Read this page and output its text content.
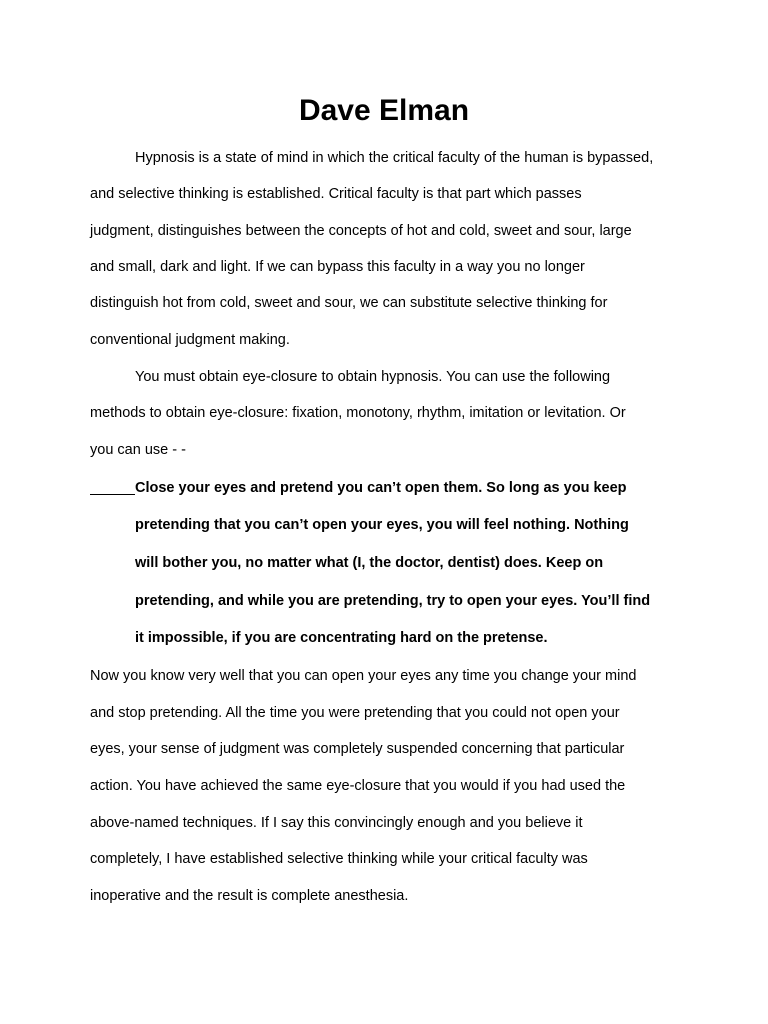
Dave Elman

Hypnosis is a state of mind in which the critical faculty of the human is bypassed,

and selective thinking is established. Critical faculty is that part which passes

judgment, distinguishes between the concepts of hot and cold, sweet and sour, large

and small, dark and light. If we can bypass this faculty in a way you no longer

distinguish hot from cold, sweet and sour, we can substitute selective thinking for

conventional judgment making.

You must obtain eye-closure to obtain hypnosis. You can use the following

methods to obtain eye-closure: fixation, monotony, rhythm, imitation or levitation. Or

you can use - -

Close your eyes and pretend you can’t open them. So long as you keep

pretending that you can’t open your eyes, you will feel nothing. Nothing

will bother you, no matter what (I, the doctor, dentist) does. Keep on

pretending, and while you are pretending, try to open your eyes. You’ll find

it impossible, if you are concentrating hard on the pretense.

Now you know very well that you can open your eyes any time you change your mind

and stop pretending. All the time you were pretending that you could not open your

eyes, your sense of judgment was completely suspended concerning that particular

action. You have achieved the same eye-closure that you would if you had used the

above-named techniques. If I say this convincingly enough and you believe it

completely, I have established selective thinking while your critical faculty was

inoperative and the result is complete anesthesia.
